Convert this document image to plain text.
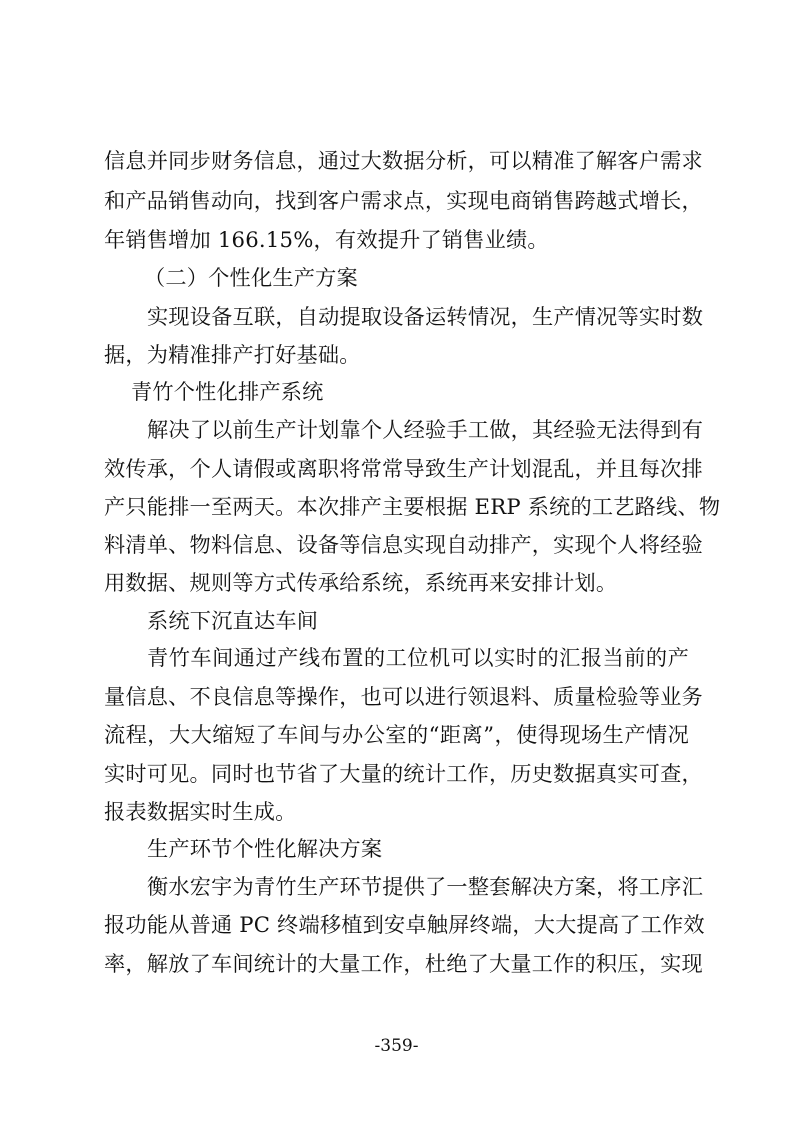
信息并同步财务信息，通过大数据分析，可以精准了解客户需求
和产品销售动向，找到客户需求点，实现电商销售跨越式增长，
年销售增加 166.15%，有效提升了销售业绩。
（二）个性化生产方案
实现设备互联，自动提取设备运转情况，生产情况等实时数
据，为精准排产打好基础。
青竹个性化排产系统
解决了以前生产计划靠个人经验手工做，其经验无法得到有
效传承，个人请假或离职将常常导致生产计划混乱，并且每次排
产只能排一至两天。本次排产主要根据 ERP 系统的工艺路线、物
料清单、物料信息、设备等信息实现自动排产，实现个人将经验
用数据、规则等方式传承给系统，系统再来安排计划。
系统下沉直达车间
青竹车间通过产线布置的工位机可以实时的汇报当前的产
量信息、不良信息等操作，也可以进行领退料、质量检验等业务
流程，大大缩短了车间与办公室的“距离”，使得现场生产情况
实时可见。同时也节省了大量的统计工作，历史数据真实可查，
报表数据实时生成。
生产环节个性化解决方案
衡水宏宇为青竹生产环节提供了一整套解决方案，将工序汇
报功能从普通 PC 终端移植到安卓触屏终端，大大提高了工作效
率，解放了车间统计的大量工作，杜绝了大量工作的积压，实现
-359-
